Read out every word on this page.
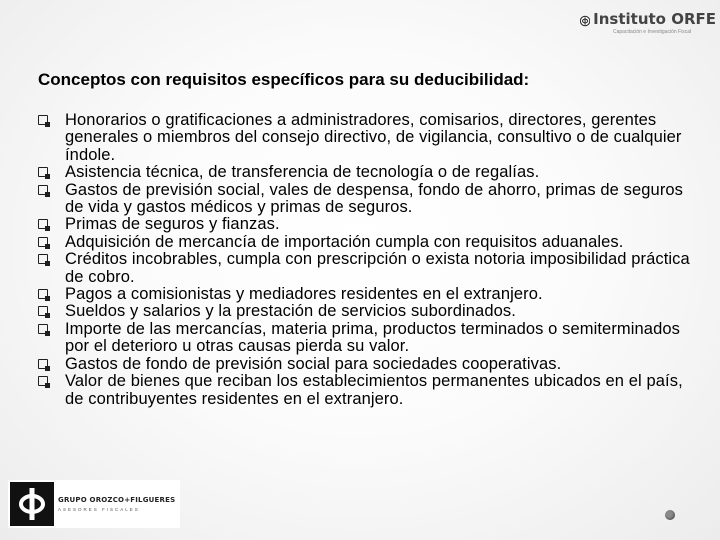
Instituto ORFE
Capacitación e Investigación Fiscal
Conceptos con requisitos específicos para su deducibilidad:
Honorarios o gratificaciones a administradores, comisarios, directores, gerentes generales o miembros del consejo directivo, de vigilancia, consultivo o de cualquier índole.
Asistencia técnica, de transferencia de tecnología o de regalías.
Gastos de previsión social, vales de despensa, fondo de ahorro, primas de seguros de vida y gastos médicos y primas de seguros.
Primas de seguros y fianzas.
Adquisición de mercancía de importación cumpla con requisitos aduanales.
Créditos incobrables, cumpla con prescripción o exista notoria imposibilidad práctica de cobro.
Pagos a comisionistas y mediadores residentes en el extranjero.
Sueldos y salarios y la prestación de servicios subordinados.
Importe de las mercancías, materia prima, productos terminados o semiterminados por el deterioro u otras causas pierda su valor.
Gastos de fondo de previsión social para sociedades cooperativas.
Valor de bienes que reciban los establecimientos permanentes ubicados en el país, de contribuyentes residentes en el extranjero.
GRUPO OROZCO+FILGUERES
ASESORES FISCALES
